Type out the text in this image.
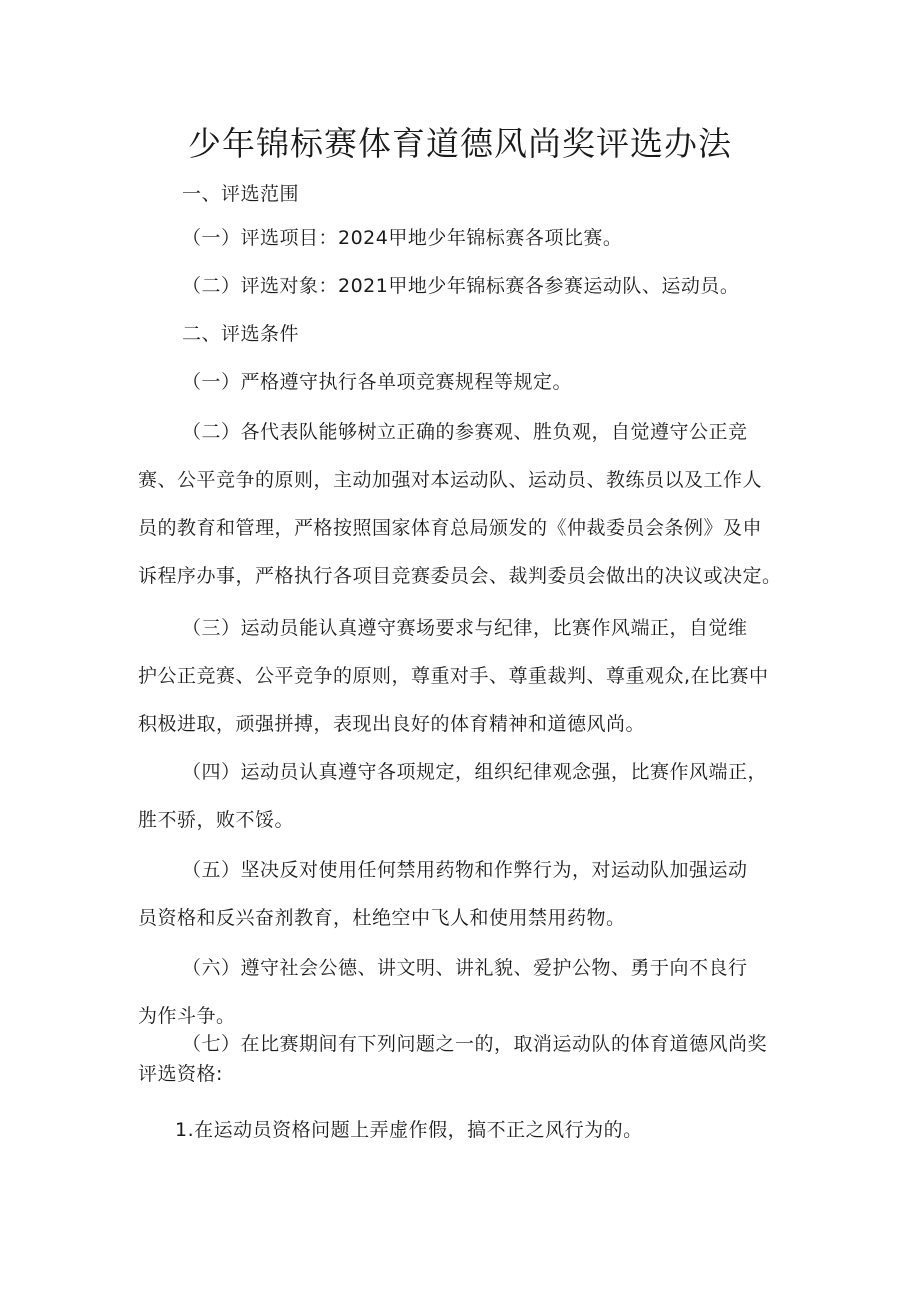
少年锦标赛体育道德风尚奖评选办法
一、评选范围
（一）评选项目：2024甲地少年锦标赛各项比赛。
（二）评选对象：2021甲地少年锦标赛各参赛运动队、运动员。
二、评选条件
（一）严格遵守执行各单项竞赛规程等规定。
（二）各代表队能够树立正确的参赛观、胜负观，自觉遵守公正竞
赛、公平竞争的原则，主动加强对本运动队、运动员、教练员以及工作人
员的教育和管理，严格按照国家体育总局颁发的《仲裁委员会条例》及申
诉程序办事，严格执行各项目竞赛委员会、裁判委员会做出的决议或决定。
（三）运动员能认真遵守赛场要求与纪律，比赛作风端正，自觉维
护公正竞赛、公平竞争的原则，尊重对手、尊重裁判、尊重观众,在比赛中
积极进取，顽强拼搏，表现出良好的体育精神和道德风尚。
（四）运动员认真遵守各项规定，组织纪律观念强，比赛作风端正，
胜不骄，败不馁。
（五）坚决反对使用任何禁用药物和作弊行为，对运动队加强运动
员资格和反兴奋剂教育，杜绝空中飞人和使用禁用药物。
（六）遵守社会公德、讲文明、讲礼貌、爱护公物、勇于向不良行
为作斗争。
（七）在比赛期间有下列问题之一的，取消运动队的体育道德风尚奖
评选资格:
1.在运动员资格问题上弄虚作假，搞不正之风行为的。
